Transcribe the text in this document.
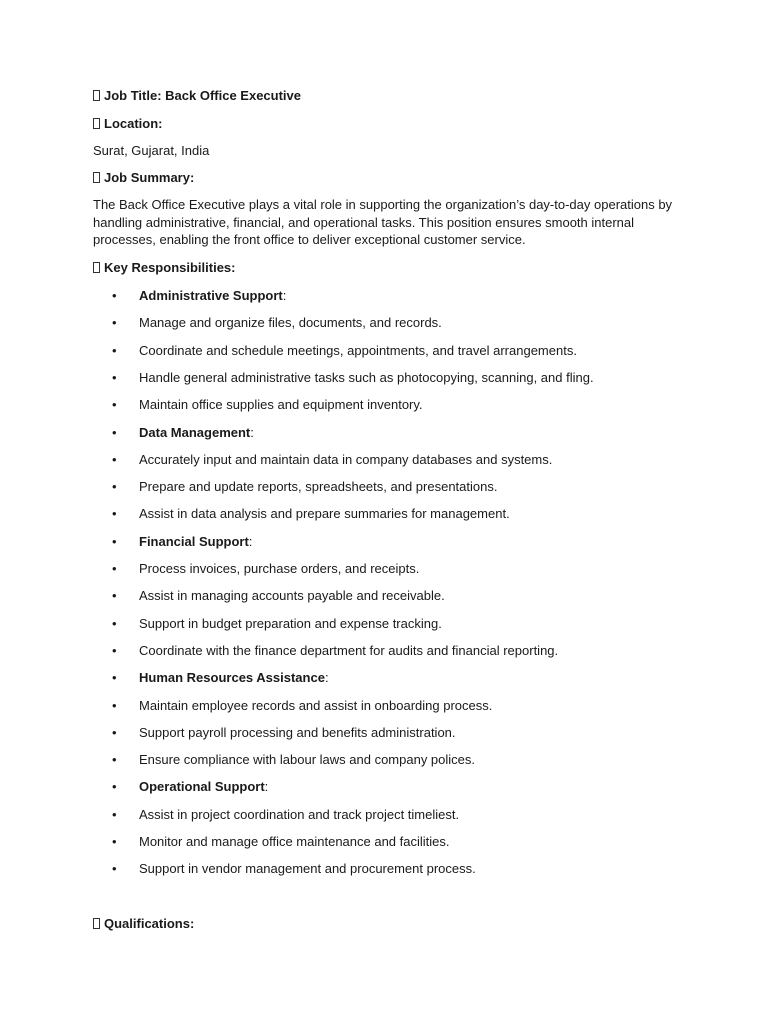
Job Title: Back Office Executive
Location:
Surat, Gujarat, India
Job Summary:
The Back Office Executive plays a vital role in supporting the organization’s day-to-day operations by handling administrative, financial, and operational tasks. This position ensures smooth internal processes, enabling the front office to deliver exceptional customer service.
Key Responsibilities:
•	Administrative Support:
•	Manage and organize files, documents, and records.
•	Coordinate and schedule meetings, appointments, and travel arrangements.
•	Handle general administrative tasks such as photocopying, scanning, and fling.
•	Maintain office supplies and equipment inventory.
•	Data Management:
•	Accurately input and maintain data in company databases and systems.
•	Prepare and update reports, spreadsheets, and presentations.
•	Assist in data analysis and prepare summaries for management.
•	Financial Support:
•	Process invoices, purchase orders, and receipts.
•	Assist in managing accounts payable and receivable.
•	Support in budget preparation and expense tracking.
•	Coordinate with the finance department for audits and financial reporting.
•	Human Resources Assistance:
•	Maintain employee records and assist in onboarding process.
•	Support payroll processing and benefits administration.
•	Ensure compliance with labour laws and company polices.
•	Operational Support:
•	Assist in project coordination and track project timeliest.
•	Monitor and manage office maintenance and facilities.
•	Support in vendor management and procurement process.
Qualifications:
